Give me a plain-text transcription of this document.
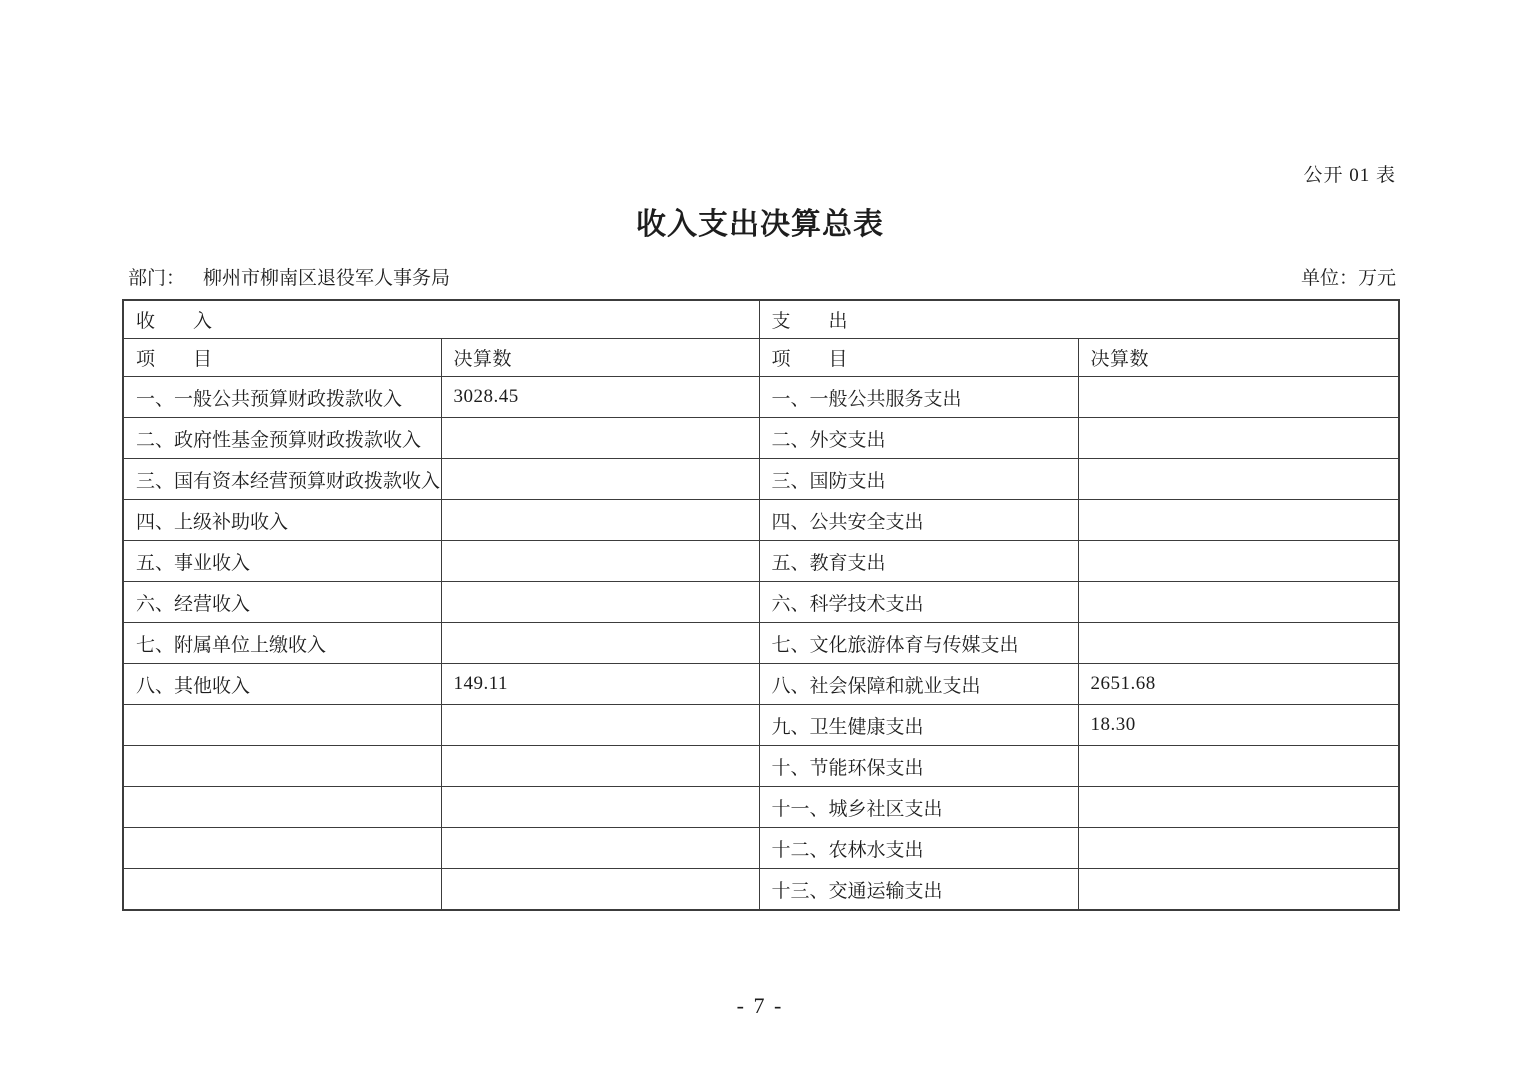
公开 01 表
收入支出决算总表
部门： 柳州市柳南区退役军人事务局	单位：万元
收　　入		支　　出	
项　　目	决算数	项　　目	决算数
一、一般公共预算财政拨款收入	3028.45	一、一般公共服务支出	
二、政府性基金预算财政拨款收入		二、外交支出	
三、国有资本经营预算财政拨款收入		三、国防支出	
四、上级补助收入		四、公共安全支出	
五、事业收入		五、教育支出	
六、经营收入		六、科学技术支出	
七、附属单位上缴收入		七、文化旅游体育与传媒支出	
八、其他收入	149.11	八、社会保障和就业支出	2651.68
		九、卫生健康支出	18.30
		十、节能环保支出	
		十一、城乡社区支出	
		十二、农林水支出	
		十三、交通运输支出	
- 7 -
